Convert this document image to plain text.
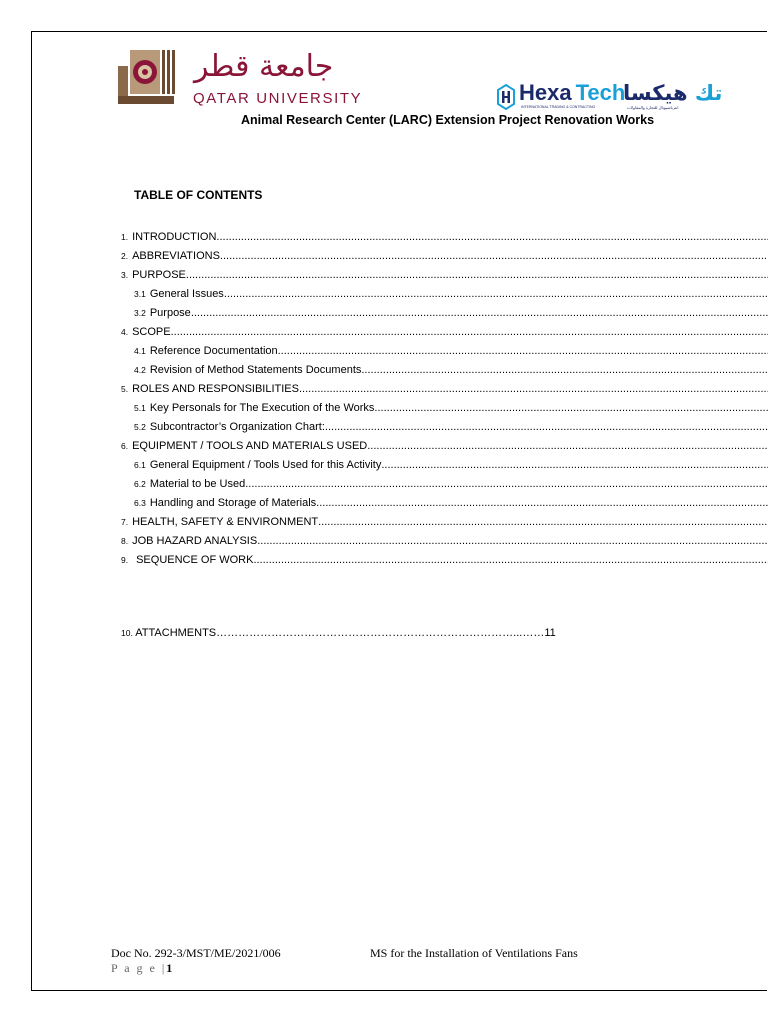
جامعة قطر
QATAR UNIVERSITY	Hexa Tech
INTERNATIONAL TRADING & CONTRACTING
تك هيكسا
انترناشيونال للتجارة والمقاولات
Animal Research Center (LARC) Extension Project Renovation Works
TABLE OF CONTENTS
1. INTRODUCTION
.....
2. ABBREVIATIONS
.....
3. PURPOSE
.....
3.1 General Issues
.....
3.2 Purpose
.....
4. SCOPE
.....
4.1 Reference Documentation
.....
4.2 Revision of Method Statements Documents
.....
5. ROLES AND RESPONSIBILITIES
.....
5.1 Key Personals for The Execution of the Works
.....
5.2 Subcontractor’s Organization Chart:
.....
6. EQUIPMENT / TOOLS AND MATERIALS USED
.....
6.1 General Equipment / Tools Used for this Activity
.....
6.2 Material to be Used
.....
6.3 Handling and Storage of Materials
.....
7. HEALTH, SAFETY & ENVIRONMENT
.....
8. JOB HAZARD ANALYSIS
.....
9. SEQUENCE OF WORK
.....
10. ATTACHMENTS………………………………………………………………………...……11
Doc No. 292-3/MST/ME/2021/006	MS for the Installation of Ventilations Fans
P a g e |1
